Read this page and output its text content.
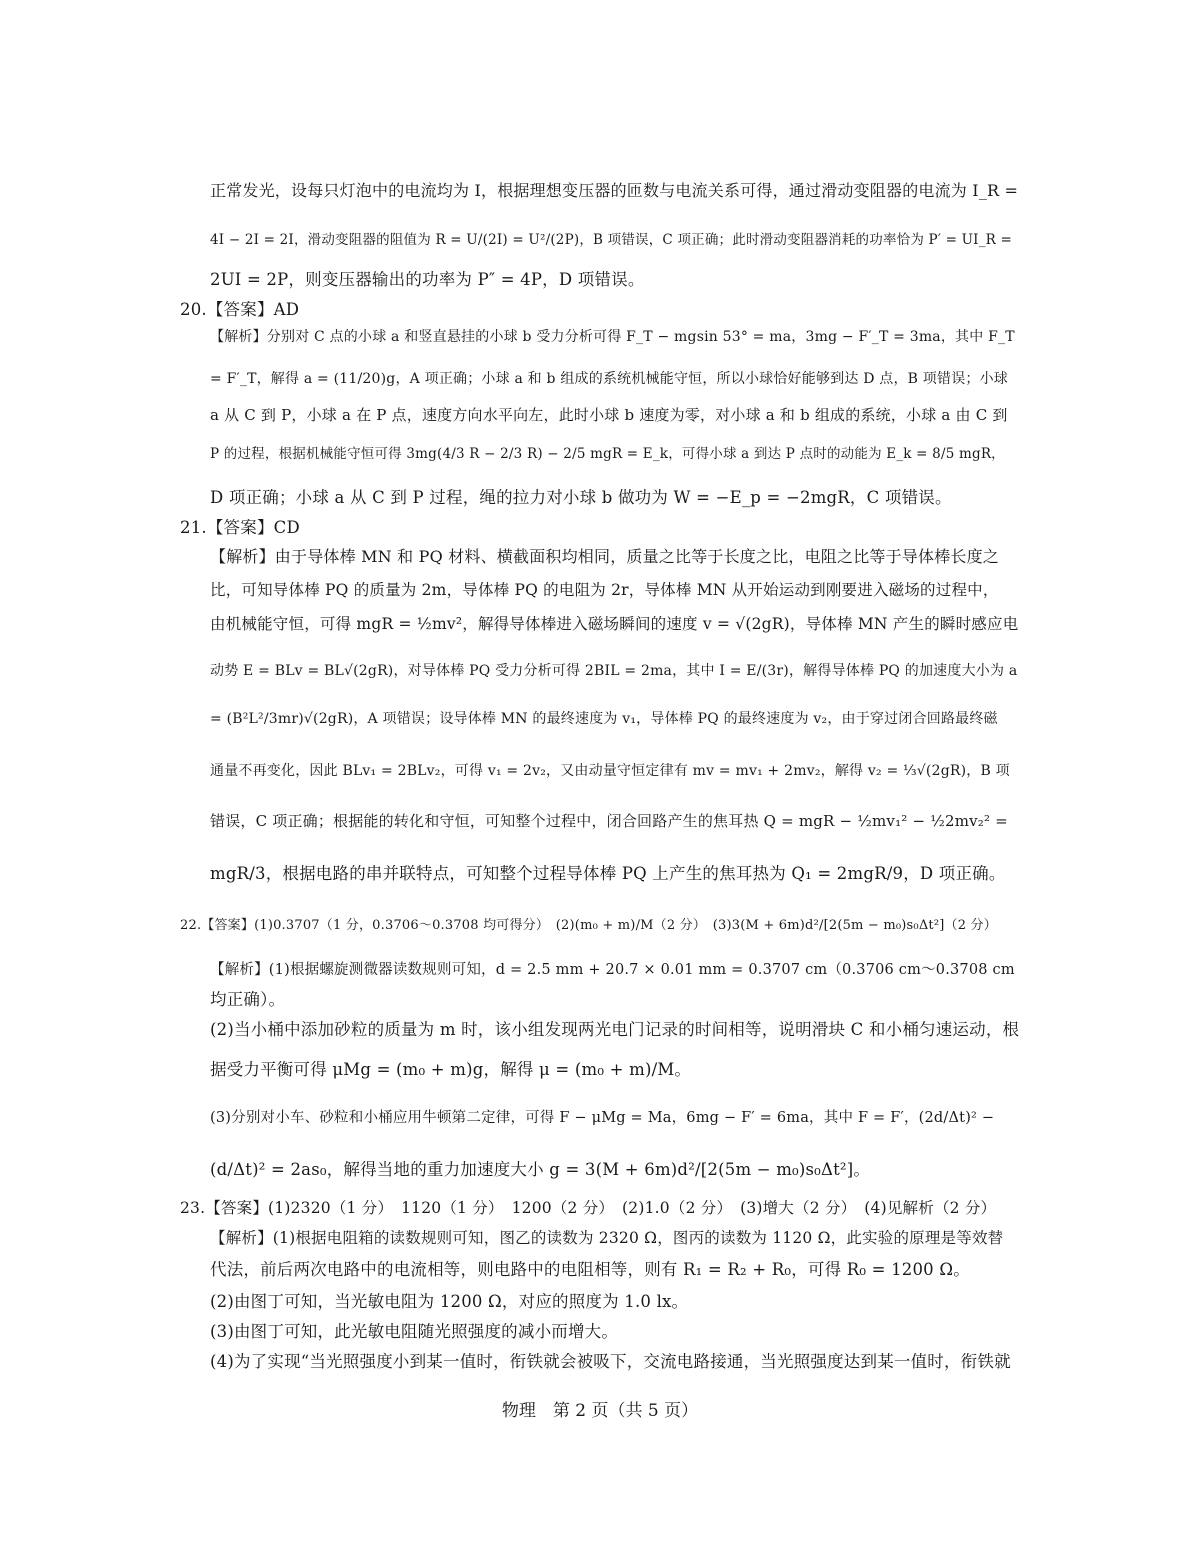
正常发光，设每只灯泡中的电流均为 I，根据理想变压器的匝数与电流关系可得，通过滑动变阻器的电流为 I_R =
4I − 2I = 2I，滑动变阻器的阻值为 R = U/(2I) = U²/(2P)，B 项错误，C 项正确；此时滑动变阻器消耗的功率恰为 P′ = UI_R =
2UI = 2P，则变压器输出的功率为 P″ = 4P，D 项错误。
20.【答案】AD
【解析】分别对 C 点的小球 a 和竖直悬挂的小球 b 受力分析可得 F_T − mgsin 53° = ma，3mg − F′_T = 3ma，其中 F_T
= F′_T，解得 a = (11/20)g，A 项正确；小球 a 和 b 组成的系统机械能守恒，所以小球恰好能够到达 D 点，B 项错误；小球
a 从 C 到 P，小球 a 在 P 点，速度方向水平向左，此时小球 b 速度为零，对小球 a 和 b 组成的系统，小球 a 由 C 到
P 的过程，根据机械能守恒可得 3mg(4/3 R − 2/3 R) − 2/5 mgR = E_k，可得小球 a 到达 P 点时的动能为 E_k = 8/5 mgR，
D 项正确；小球 a 从 C 到 P 过程，绳的拉力对小球 b 做功为 W = −E_p = −2mgR，C 项错误。
21.【答案】CD
【解析】由于导体棒 MN 和 PQ 材料、横截面积均相同，质量之比等于长度之比，电阻之比等于导体棒长度之
比，可知导体棒 PQ 的质量为 2m，导体棒 PQ 的电阻为 2r，导体棒 MN 从开始运动到刚要进入磁场的过程中，
由机械能守恒，可得 mgR = ½mv²，解得导体棒进入磁场瞬间的速度 v = √(2gR)，导体棒 MN 产生的瞬时感应电
动势 E = BLv = BL√(2gR)，对导体棒 PQ 受力分析可得 2BIL = 2ma，其中 I = E/(3r)，解得导体棒 PQ 的加速度大小为 a
= (B²L²/3mr)√(2gR)，A 项错误；设导体棒 MN 的最终速度为 v₁，导体棒 PQ 的最终速度为 v₂，由于穿过闭合回路最终磁
通量不再变化，因此 BLv₁ = 2BLv₂，可得 v₁ = 2v₂，又由动量守恒定律有 mv = mv₁ + 2mv₂，解得 v₂ = ⅓√(2gR)，B 项
错误，C 项正确；根据能的转化和守恒，可知整个过程中，闭合回路产生的焦耳热 Q = mgR − ½mv₁² − ½2mv₂² =
mgR/3，根据电路的串并联特点，可知整个过程导体棒 PQ 上产生的焦耳热为 Q₁ = 2mgR/9，D 项正确。
22.【答案】(1)0.3707（1 分，0.3706～0.3708 均可得分）　(2)(m₀ + m)/M（2 分）　(3)3(M + 6m)d²/[2(5m − m₀)s₀Δt²]（2 分）
【解析】(1)根据螺旋测微器读数规则可知，d = 2.5 mm + 20.7 × 0.01 mm = 0.3707 cm（0.3706 cm～0.3708 cm
均正确）。
(2)当小桶中添加砂粒的质量为 m 时，该小组发现两光电门记录的时间相等，说明滑块 C 和小桶匀速运动，根
据受力平衡可得 μMg = (m₀ + m)g，解得 μ = (m₀ + m)/M。
(3)分别对小车、砂粒和小桶应用牛顿第二定律，可得 F − μMg = Ma，6mg − F′ = 6ma，其中 F = F′，(2d/Δt)² −
(d/Δt)² = 2as₀，解得当地的重力加速度大小 g = 3(M + 6m)d²/[2(5m − m₀)s₀Δt²]。
23.【答案】(1)2320（1 分）　1120（1 分）　1200（2 分）　(2)1.0（2 分）　(3)增大（2 分）　(4)见解析（2 分）
【解析】(1)根据电阻箱的读数规则可知，图乙的读数为 2320 Ω，图丙的读数为 1120 Ω，此实验的原理是等效替
代法，前后两次电路中的电流相等，则电路中的电阻相等，则有 R₁ = R₂ + R₀，可得 R₀ = 1200 Ω。
(2)由图丁可知，当光敏电阻为 1200 Ω，对应的照度为 1.0 lx。
(3)由图丁可知，此光敏电阻随光照强度的减小而增大。
(4)为了实现“当光照强度小到某一值时，衔铁就会被吸下，交流电路接通，当光照强度达到某一值时，衔铁就
物理　第 2 页（共 5 页）
